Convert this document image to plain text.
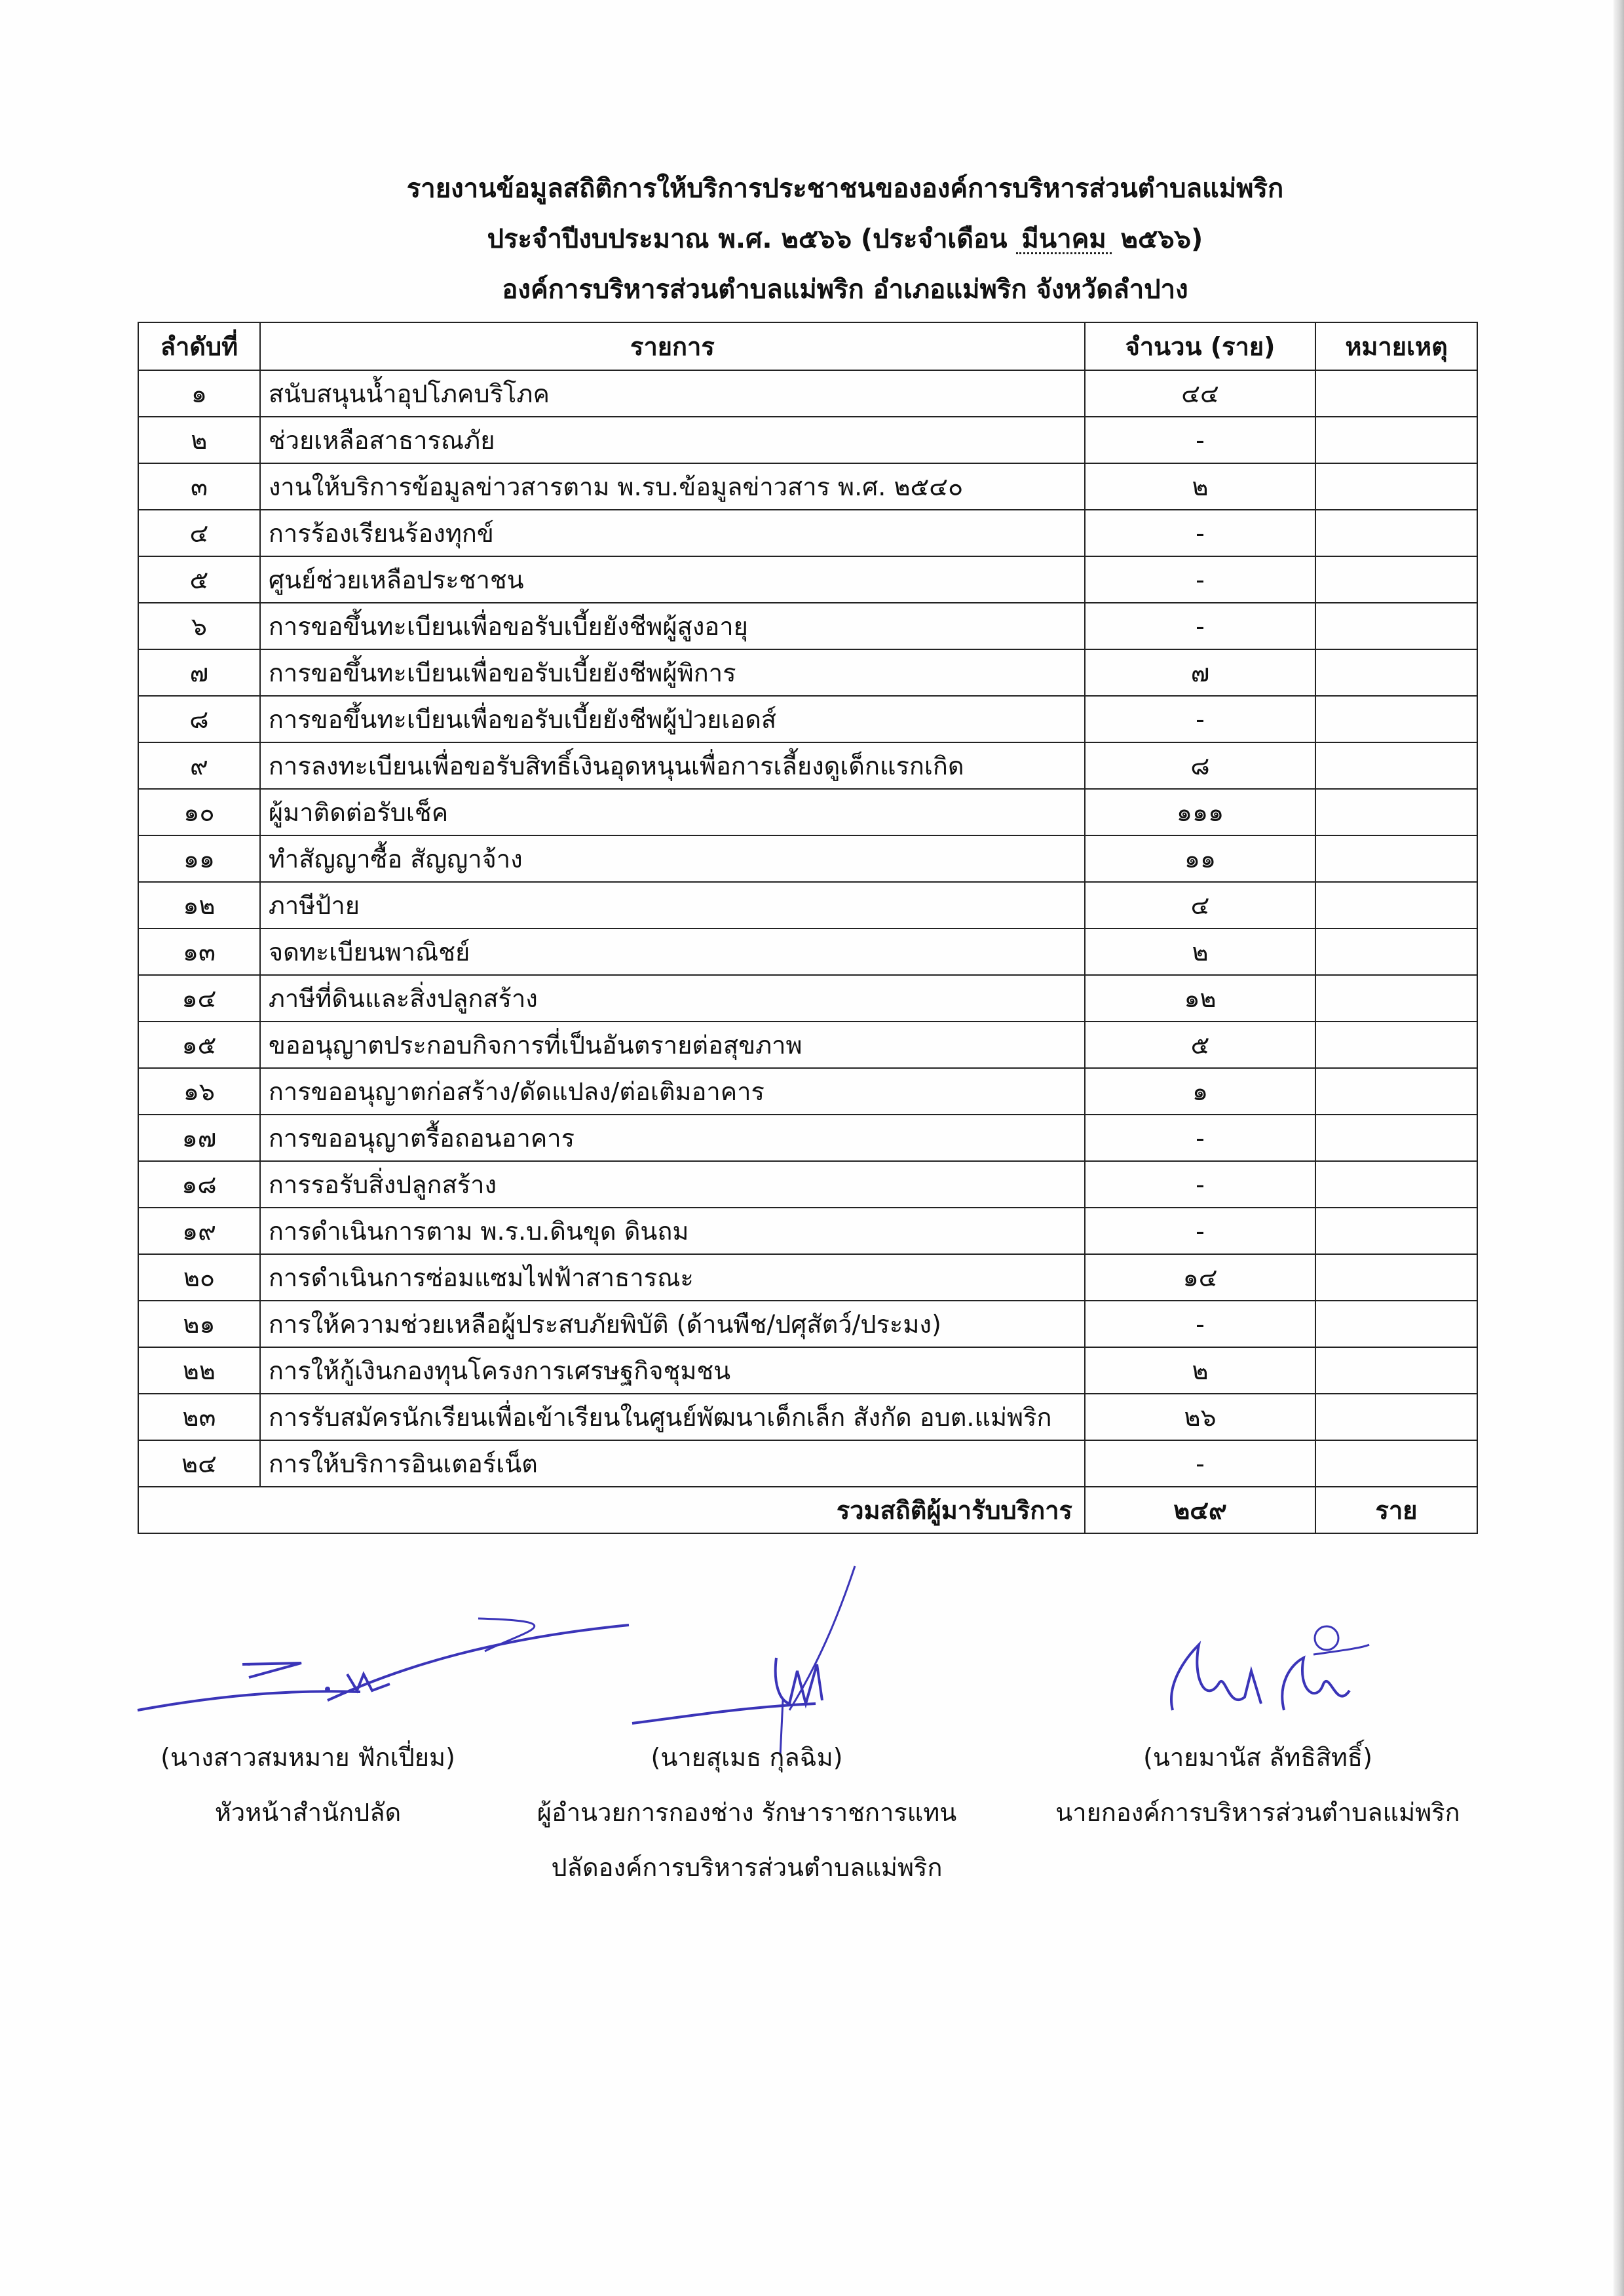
รายงานข้อมูลสถิติการให้บริการประชาชนขององค์การบริหารส่วนตำบลแม่พริก
ประจำปีงบประมาณ พ.ศ. ๒๕๖๖ (ประจำเดือน มีนาคม ๒๕๖๖)
องค์การบริหารส่วนตำบลแม่พริก อำเภอแม่พริก จังหวัดลำปาง
ลำดับที่	รายการ	จำนวน (ราย)	หมายเหตุ
๑	สนับสนุนน้ำอุปโภคบริโภค	๔๔	
๒	ช่วยเหลือสาธารณภัย	-	
๓	งานให้บริการข้อมูลข่าวสารตาม พ.รบ.ข้อมูลข่าวสาร พ.ศ. ๒๕๔๐	๒	
๔	การร้องเรียนร้องทุกข์	-	
๕	ศูนย์ช่วยเหลือประชาชน	-	
๖	การขอขึ้นทะเบียนเพื่อขอรับเบี้ยยังชีพผู้สูงอายุ	-	
๗	การขอขึ้นทะเบียนเพื่อขอรับเบี้ยยังชีพผู้พิการ	๗	
๘	การขอขึ้นทะเบียนเพื่อขอรับเบี้ยยังชีพผู้ป่วยเอดส์	-	
๙	การลงทะเบียนเพื่อขอรับสิทธิ์เงินอุดหนุนเพื่อการเลี้ยงดูเด็กแรกเกิด	๘	
๑๐	ผู้มาติดต่อรับเช็ค	๑๑๑	
๑๑	ทำสัญญาซื้อ สัญญาจ้าง	๑๑	
๑๒	ภาษีป้าย	๔	
๑๓	จดทะเบียนพาณิชย์	๒	
๑๔	ภาษีที่ดินและสิ่งปลูกสร้าง	๑๒	
๑๕	ขออนุญาตประกอบกิจการที่เป็นอันตรายต่อสุขภาพ	๕	
๑๖	การขออนุญาตก่อสร้าง/ดัดแปลง/ต่อเติมอาคาร	๑	
๑๗	การขออนุญาตรื้อถอนอาคาร	-	
๑๘	การรอรับสิ่งปลูกสร้าง	-	
๑๙	การดำเนินการตาม พ.ร.บ.ดินขุด ดินถม	-	
๒๐	การดำเนินการซ่อมแซมไฟฟ้าสาธารณะ	๑๔	
๒๑	การให้ความช่วยเหลือผู้ประสบภัยพิบัติ (ด้านพืช/ปศุสัตว์/ประมง)	-	
๒๒	การให้กู้เงินกองทุนโครงการเศรษฐกิจชุมชน	๒	
๒๓	การรับสมัครนักเรียนเพื่อเข้าเรียนในศูนย์พัฒนาเด็กเล็ก สังกัด อบต.แม่พริก	๒๖	
๒๔	การให้บริการอินเตอร์เน็ต	-	
รวมสถิติผู้มารับบริการ		๒๔๙	ราย
(นางสาวสมหมาย ฟักเปี่ยม)
หัวหน้าสำนักปลัด
(นายสุเมธ กุลฉิม)
ผู้อำนวยการกองช่าง รักษาราชการแทน
ปลัดองค์การบริหารส่วนตำบลแม่พริก
(นายมานัส ลัทธิสิทธิ์)
นายกองค์การบริหารส่วนตำบลแม่พริก
